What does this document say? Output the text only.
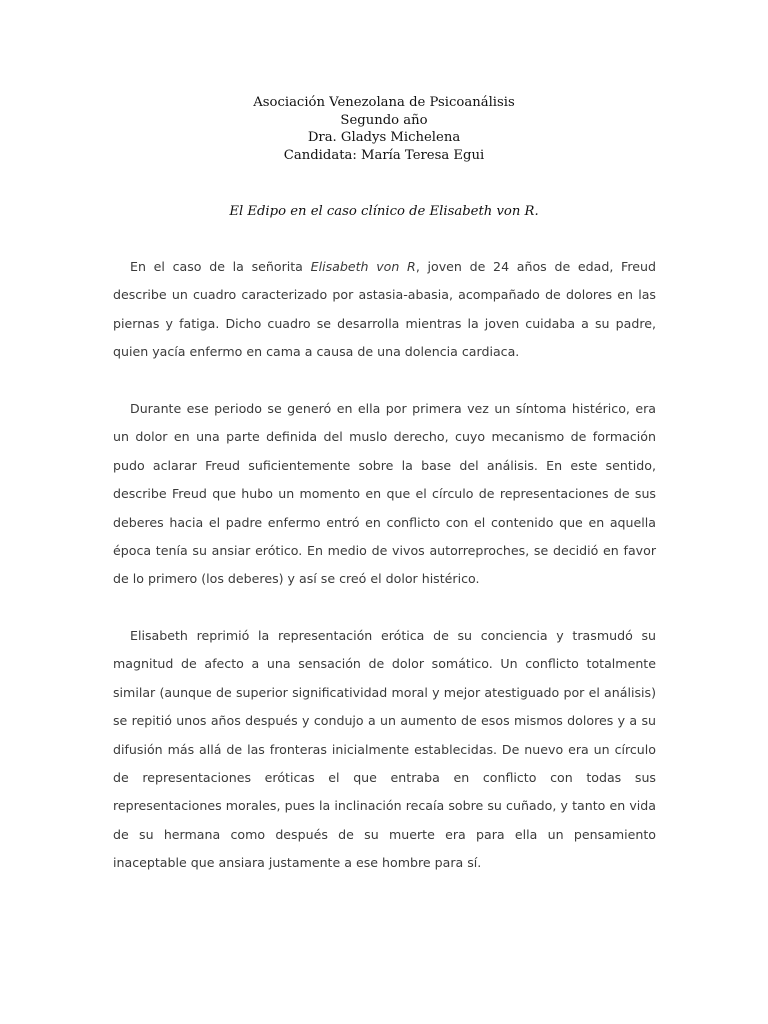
Asociación Venezolana de Psicoanálisis
Segundo año
Dra. Gladys Michelena
Candidata: María Teresa Egui
El Edipo en el caso clínico de Elisabeth von R.

En el caso de la señorita Elisabeth von R, joven de 24 años de edad, Freud describe un cuadro caracterizado por astasia-abasia, acompañado de dolores en las piernas y fatiga. Dicho cuadro se desarrolla mientras la joven cuidaba a su padre, quien yacía enfermo en cama a causa de una dolencia cardiaca.

Durante ese periodo se generó en ella por primera vez un síntoma histérico, era un dolor en una parte definida del muslo derecho, cuyo mecanismo de formación pudo aclarar Freud suficientemente sobre la base del análisis. En este sentido, describe Freud que hubo un momento en que el círculo de representaciones de sus deberes hacia el padre enfermo entró en conflicto con el contenido que en aquella época tenía su ansiar erótico. En medio de vivos autorreproches, se decidió en favor de lo primero (los deberes) y así se creó el dolor histérico.

Elisabeth reprimió la representación erótica de su conciencia y trasmudó su magnitud de afecto a una sensación de dolor somático. Un conflicto totalmente similar (aunque de superior significatividad moral y mejor atestiguado por el análisis) se repitió unos años después y condujo a un aumento de esos mismos dolores y a su difusión más allá de las fronteras inicialmente establecidas. De nuevo era un círculo de representaciones eróticas el que entraba en conflicto con todas sus representaciones morales, pues la inclinación recaía sobre su cuñado, y tanto en vida de su hermana como después de su muerte era para ella un pensamiento inaceptable que ansiara justamente a ese hombre para sí.
